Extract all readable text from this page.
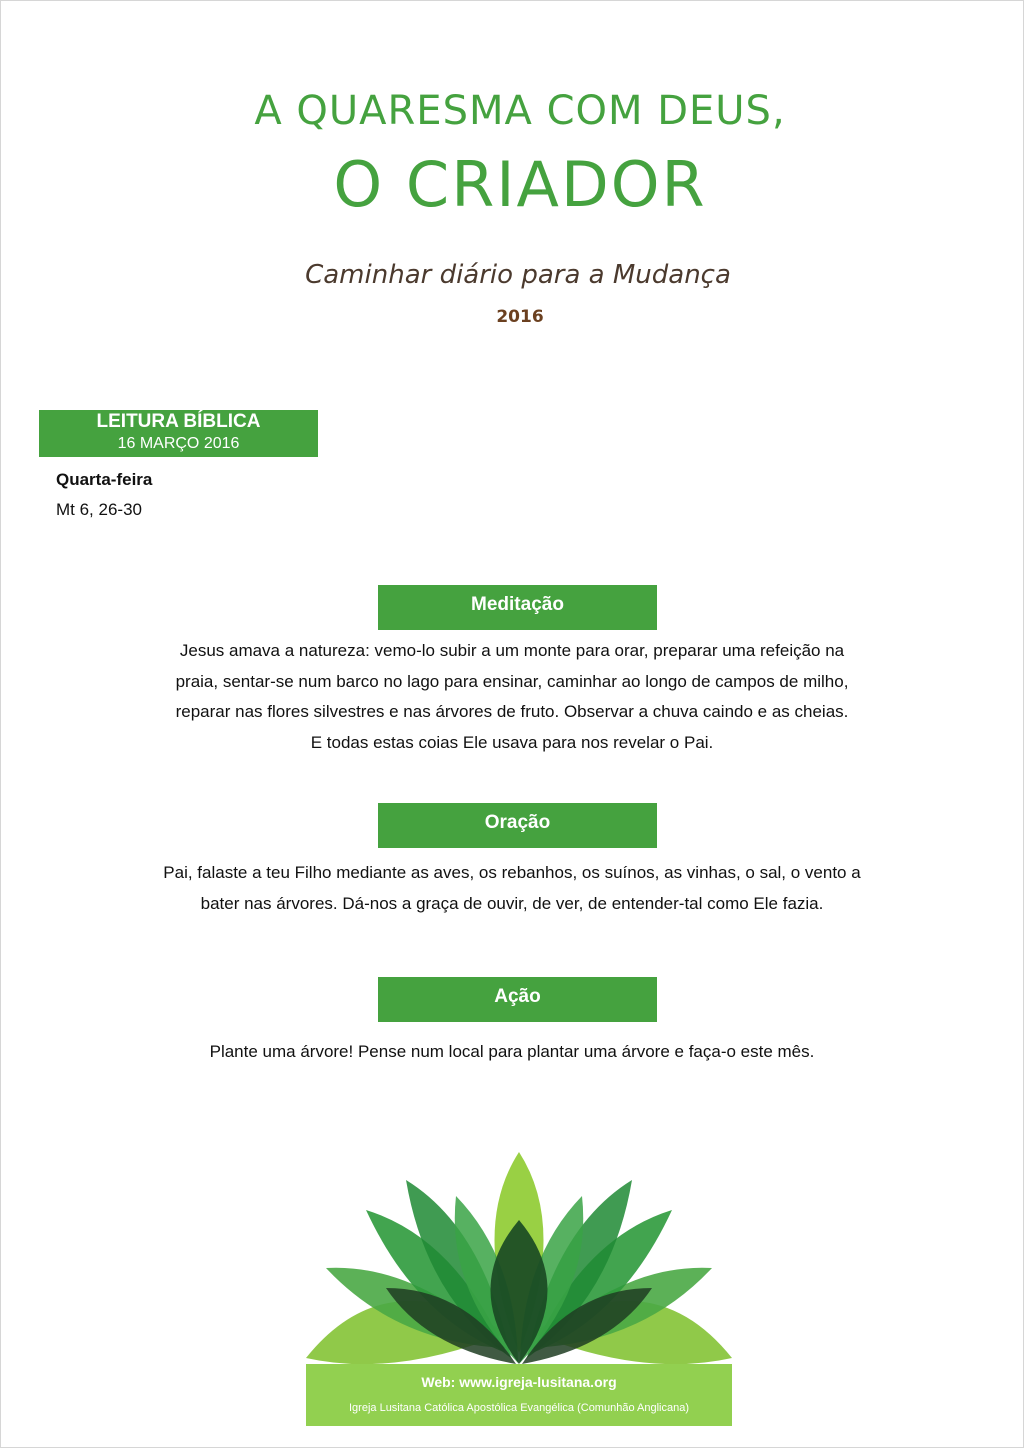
A QUARESMA COM DEUS,
O CRIADOR
Caminhar diário para a Mudança
2016
LEITURA BÍBLICA
16 MARÇO 2016
Quarta-feira
Mt 6, 26-30
Meditação
Jesus amava a natureza: vemo-lo subir a um monte para orar, preparar uma refeição na
praia, sentar-se num barco no lago para ensinar, caminhar ao longo de campos de milho,
reparar nas flores silvestres e nas árvores de fruto. Observar a chuva caindo e as cheias.
E todas estas coias Ele usava para nos revelar o Pai.
Oração
Pai, falaste a teu Filho mediante as aves, os rebanhos, os suínos, as vinhas, o sal, o vento a
bater nas árvores. Dá-nos a graça de ouvir, de ver, de entender-tal como Ele fazia.
Ação
Plante uma árvore! Pense num local para plantar uma árvore e faça-o este mês.
Web: www.igreja-lusitana.org
Igreja Lusitana Católica Apostólica Evangélica (Comunhão Anglicana)
